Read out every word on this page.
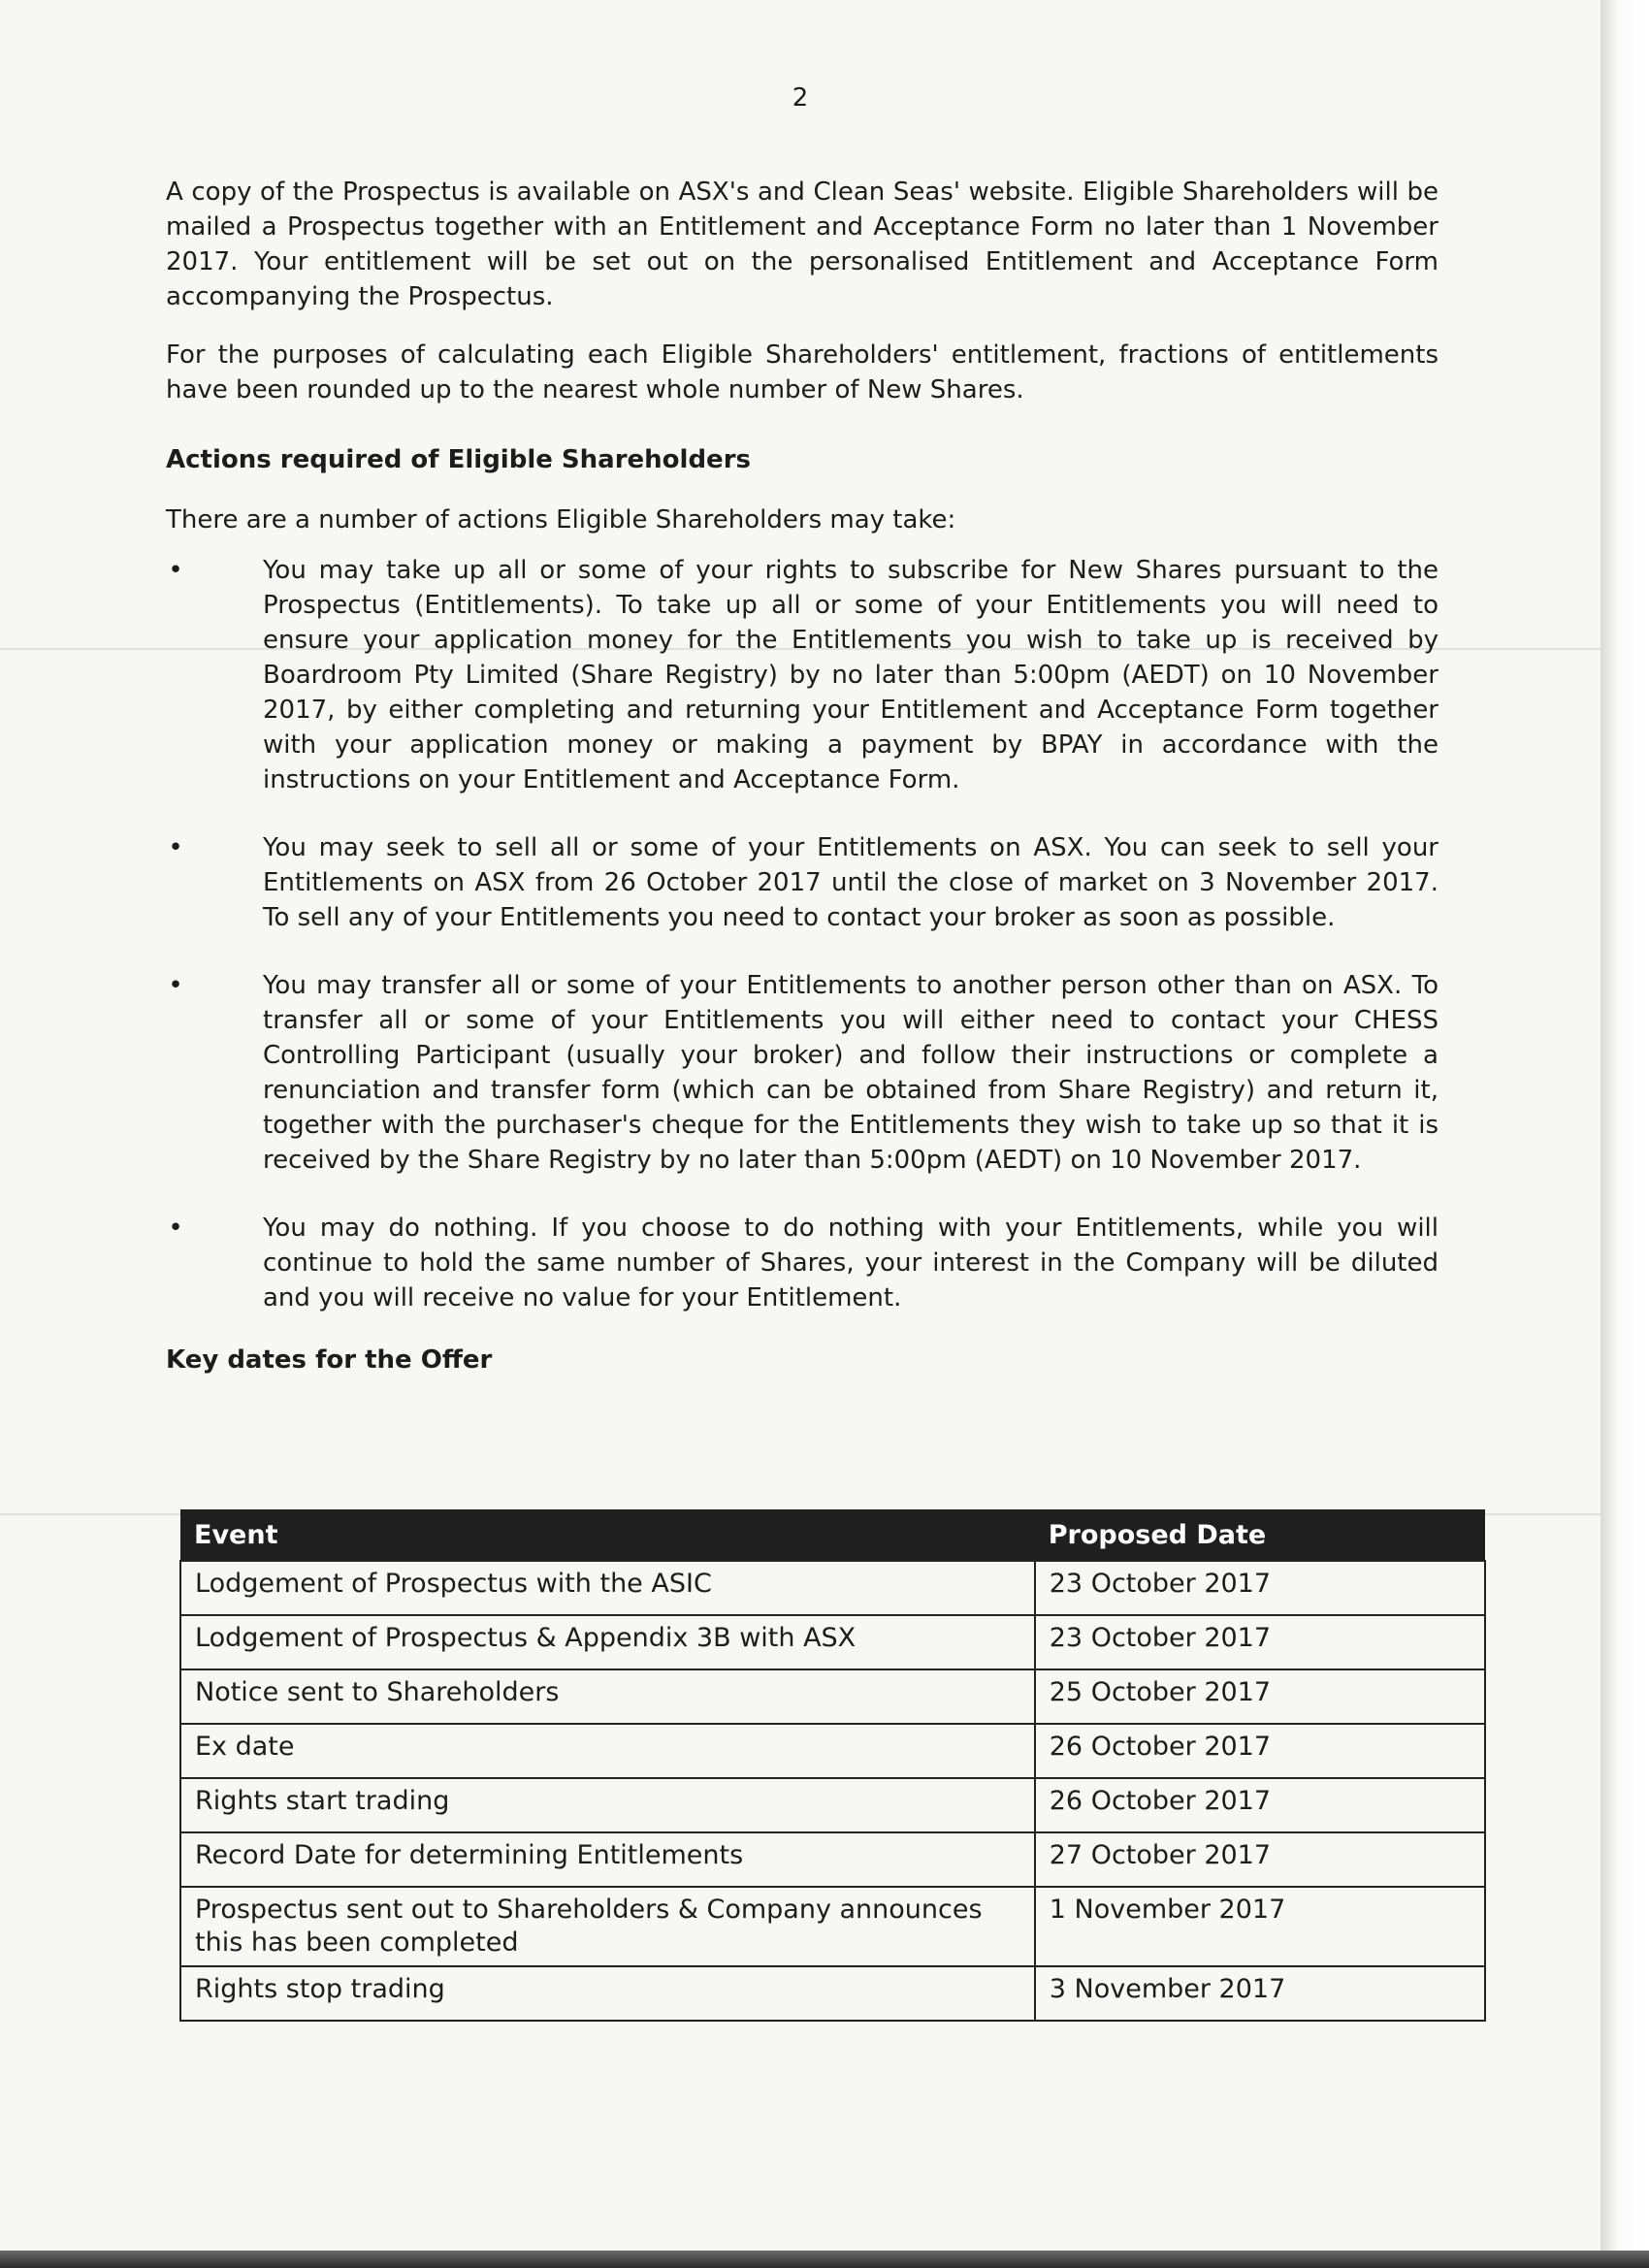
2

A copy of the Prospectus is available on ASX's and Clean Seas' website. Eligible Shareholders will be mailed a Prospectus together with an Entitlement and Acceptance Form no later than 1 November 2017. Your entitlement will be set out on the personalised Entitlement and Acceptance Form accompanying the Prospectus.

For the purposes of calculating each Eligible Shareholders' entitlement, fractions of entitlements have been rounded up to the nearest whole number of New Shares.

Actions required of Eligible Shareholders

There are a number of actions Eligible Shareholders may take:

•	You may take up all or some of your rights to subscribe for New Shares pursuant to the Prospectus (Entitlements). To take up all or some of your Entitlements you will need to ensure your application money for the Entitlements you wish to take up is received by Boardroom Pty Limited (Share Registry) by no later than 5:00pm (AEDT) on 10 November 2017, by either completing and returning your Entitlement and Acceptance Form together with your application money or making a payment by BPAY in accordance with the instructions on your Entitlement and Acceptance Form.
•	You may seek to sell all or some of your Entitlements on ASX. You can seek to sell your Entitlements on ASX from 26 October 2017 until the close of market on 3 November 2017. To sell any of your Entitlements you need to contact your broker as soon as possible.
•	You may transfer all or some of your Entitlements to another person other than on ASX. To transfer all or some of your Entitlements you will either need to contact your CHESS Controlling Participant (usually your broker) and follow their instructions or complete a renunciation and transfer form (which can be obtained from Share Registry) and return it, together with the purchaser's cheque for the Entitlements they wish to take up so that it is received by the Share Registry by no later than 5:00pm (AEDT) on 10 November 2017.
•	You may do nothing. If you choose to do nothing with your Entitlements, while you will continue to hold the same number of Shares, your interest in the Company will be diluted and you will receive no value for your Entitlement.
Key dates for the Offer
Event	Proposed Date
Lodgement of Prospectus with the ASIC	23 October 2017
Lodgement of Prospectus & Appendix 3B with ASX	23 October 2017
Notice sent to Shareholders	25 October 2017
Ex date	26 October 2017
Rights start trading	26 October 2017
Record Date for determining Entitlements	27 October 2017
Prospectus sent out to Shareholders & Company announces this has been completed	1 November 2017
Rights stop trading	3 November 2017
